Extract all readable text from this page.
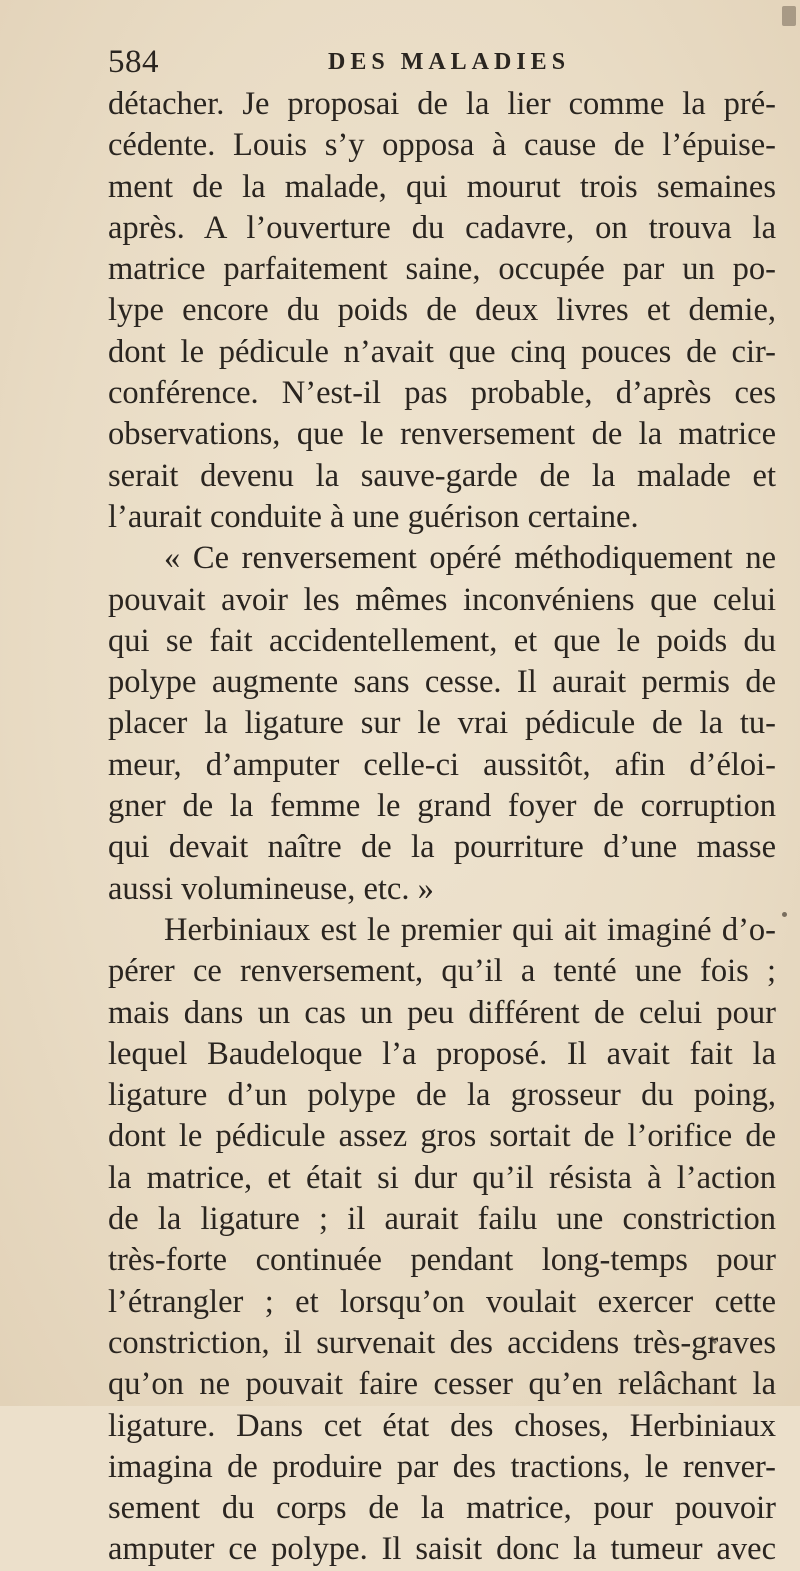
584	DES MALADIES
détacher. Je proposai de la lier comme la pré-
cédente. Louis s’y opposa à cause de l’épuise-
ment de la malade, qui mourut trois semaines
après. A l’ouverture du cadavre, on trouva la
matrice parfaitement saine, occupée par un po-
lype encore du poids de deux livres et demie,
dont le pédicule n’avait que cinq pouces de cir-
conférence. N’est-il pas probable, d’après ces
observations, que le renversement de la matrice
serait devenu la sauve-garde de la malade et
l’aurait conduite à une guérison certaine.
« Ce renversement opéré méthodiquement ne
pouvait avoir les mêmes inconvéniens que celui
qui se fait accidentellement, et que le poids du
polype augmente sans cesse. Il aurait permis de
placer la ligature sur le vrai pédicule de la tu-
meur, d’amputer celle-ci aussitôt, afin d’éloi-
gner de la femme le grand foyer de corruption
qui devait naître de la pourriture d’une masse
aussi volumineuse, etc. »
Herbiniaux est le premier qui ait imaginé d’o-
pérer ce renversement, qu’il a tenté une fois ;
mais dans un cas un peu différent de celui pour
lequel Baudeloque l’a proposé. Il avait fait la
ligature d’un polype de la grosseur du poing,
dont le pédicule assez gros sortait de l’orifice de
la matrice, et était si dur qu’il résista à l’action
de la ligature ; il aurait failu une constriction
très-forte continuée pendant long-temps pour
l’étrangler ; et lorsqu’on voulait exercer cette
constriction, il survenait des accidens très-graves
qu’on ne pouvait faire cesser qu’en relâchant la
ligature. Dans cet état des choses, Herbiniaux
imagina de produire par des tractions, le renver-
sement du corps de la matrice, pour pouvoir
amputer ce polype. Il saisit donc la tumeur avec
